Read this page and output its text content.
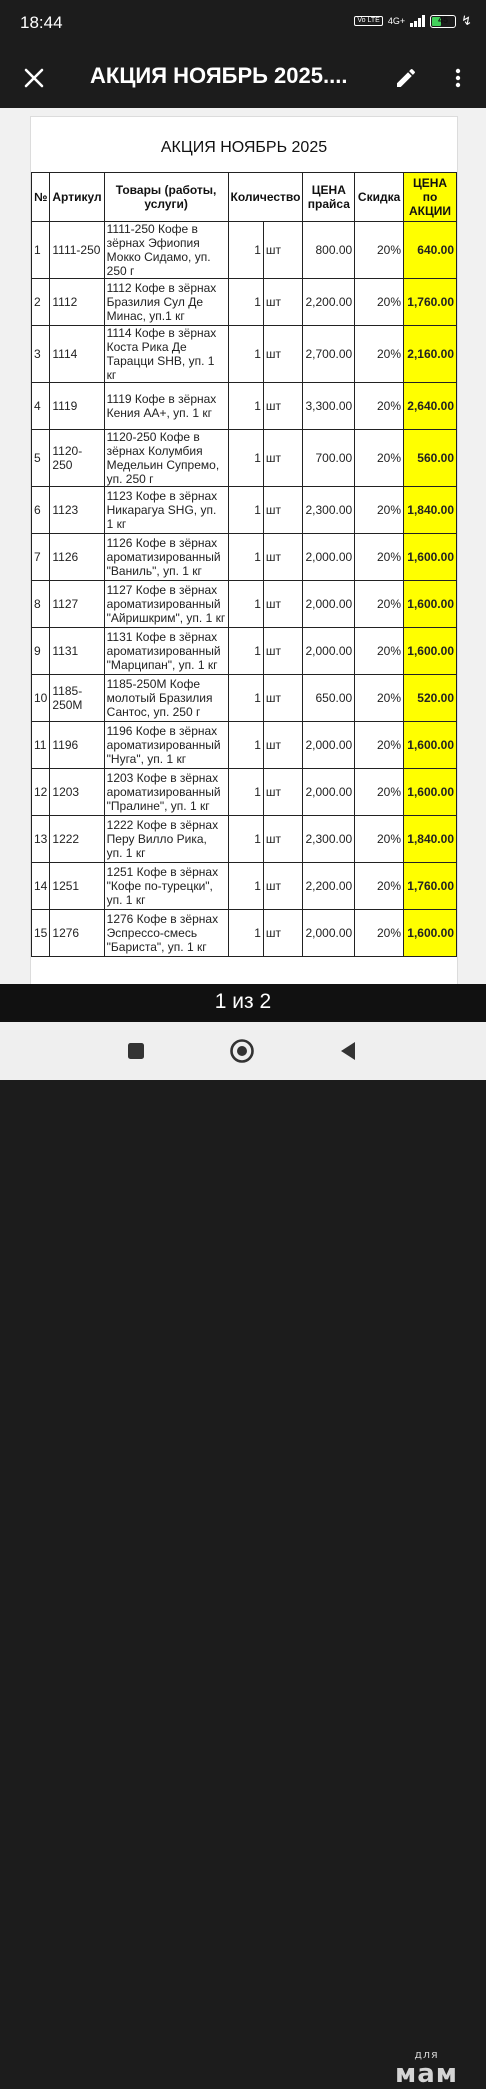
18:44	Vo LTE 4G+	45	↯
АКЦИЯ НОЯБРЬ 2025....
АКЦИЯ НОЯБРЬ 2025
№	Артикул	Товары (работы, услуги)	Количество		ЦЕНА прайса	Скидка	ЦЕНА по АКЦИИ
1	1111-250	1111-250 Кофе в зёрнах Эфиопия Мокко Сидамо, уп. 250 г	1	шт	800.00	20%	640.00
2	1112	1112 Кофе в зёрнах Бразилия Сул Де Минас, уп.1 кг	1	шт	2,200.00	20%	1,760.00
3	1114	1114 Кофе в зёрнах Коста Рика Де Тарацци SHB, уп. 1 кг	1	шт	2,700.00	20%	2,160.00
4	1119	1119 Кофе в зёрнах Кения АА+, уп. 1 кг	1	шт	3,300.00	20%	2,640.00
5	1120-250	1120-250 Кофе в зёрнах Колумбия Медельин Супремо, уп. 250 г	1	шт	700.00	20%	560.00
6	1123	1123 Кофе в зёрнах Никарагуа SHG, уп. 1 кг	1	шт	2,300.00	20%	1,840.00
7	1126	1126 Кофе в зёрнах ароматизированный "Ваниль", уп. 1 кг	1	шт	2,000.00	20%	1,600.00
8	1127	1127 Кофе в зёрнах ароматизированный "Айришкрим", уп. 1 кг	1	шт	2,000.00	20%	1,600.00
9	1131	1131 Кофе в зёрнах ароматизированный "Марципан", уп. 1 кг	1	шт	2,000.00	20%	1,600.00
10	1185-250M	1185-250M Кофе молотый Бразилия Сантос, уп. 250 г	1	шт	650.00	20%	520.00
11	1196	1196 Кофе в зёрнах ароматизированный "Нуга", уп. 1 кг	1	шт	2,000.00	20%	1,600.00
12	1203	1203 Кофе в зёрнах ароматизированный "Пралине", уп. 1 кг	1	шт	2,000.00	20%	1,600.00
13	1222	1222 Кофе в зёрнах Перу Вилло Рика, уп. 1 кг	1	шт	2,300.00	20%	1,840.00
14	1251	1251 Кофе в зёрнах "Кофе по-турецки", уп. 1 кг	1	шт	2,200.00	20%	1,760.00
15	1276	1276 Кофе в зёрнах Эспрессо-смесь "Бариста", уп. 1 кг	1	шт	2,000.00	20%	1,600.00
1 из 2
для
мам
